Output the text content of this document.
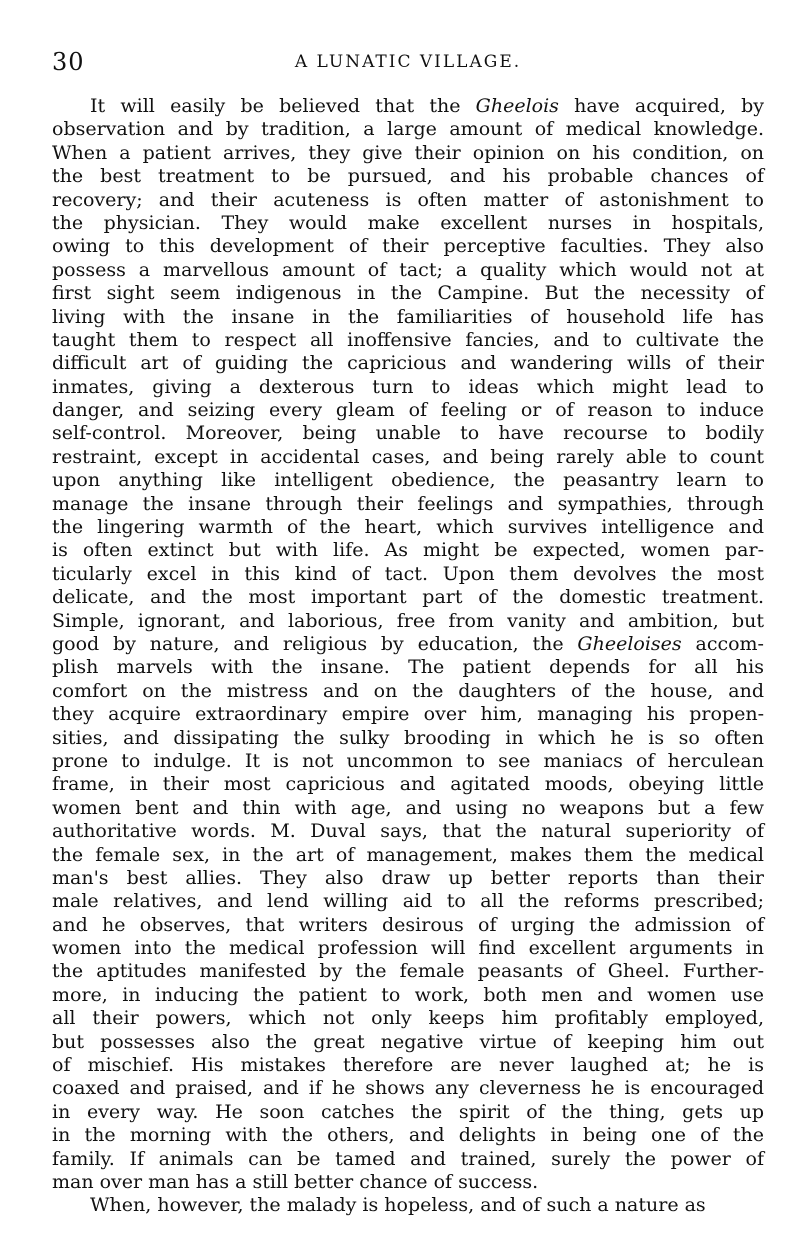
30	A LUNATIC VILLAGE.
It will easily be believed that the Gheelois have acquired, by
observation and by tradition, a large amount of medical knowledge.
When a patient arrives, they give their opinion on his condition, on
the best treatment to be pursued, and his probable chances of
recovery; and their acuteness is often matter of astonishment to
the physician. They would make excellent nurses in hospitals,
owing to this development of their perceptive faculties. They also
possess a marvellous amount of tact; a quality which would not at
first sight seem indigenous in the Campine. But the necessity of
living with the insane in the familiarities of household life has
taught them to respect all inoffensive fancies, and to cultivate the
difficult art of guiding the capricious and wandering wills of their
inmates, giving a dexterous turn to ideas which might lead to
danger, and seizing every gleam of feeling or of reason to induce
self-control. Moreover, being unable to have recourse to bodily
restraint, except in accidental cases, and being rarely able to count
upon anything like intelligent obedience, the peasantry learn to
manage the insane through their feelings and sympathies, through
the lingering warmth of the heart, which survives intelligence and
is often extinct but with life. As might be expected, women par-
ticularly excel in this kind of tact. Upon them devolves the most
delicate, and the most important part of the domestic treatment.
Simple, ignorant, and laborious, free from vanity and ambition, but
good by nature, and religious by education, the Gheeloises accom-
plish marvels with the insane. The patient depends for all his
comfort on the mistress and on the daughters of the house, and
they acquire extraordinary empire over him, managing his propen-
sities, and dissipating the sulky brooding in which he is so often
prone to indulge. It is not uncommon to see maniacs of herculean
frame, in their most capricious and agitated moods, obeying little
women bent and thin with age, and using no weapons but a few
authoritative words. M. Duval says, that the natural superiority of
the female sex, in the art of management, makes them the medical
man's best allies. They also draw up better reports than their
male relatives, and lend willing aid to all the reforms prescribed;
and he observes, that writers desirous of urging the admission of
women into the medical profession will find excellent arguments in
the aptitudes manifested by the female peasants of Gheel. Further-
more, in inducing the patient to work, both men and women use
all their powers, which not only keeps him profitably employed,
but possesses also the great negative virtue of keeping him out
of mischief. His mistakes therefore are never laughed at; he is
coaxed and praised, and if he shows any cleverness he is encouraged
in every way. He soon catches the spirit of the thing, gets up
in the morning with the others, and delights in being one of the
family. If animals can be tamed and trained, surely the power of
man over man has a still better chance of success.
When, however, the malady is hopeless, and of such a nature as
